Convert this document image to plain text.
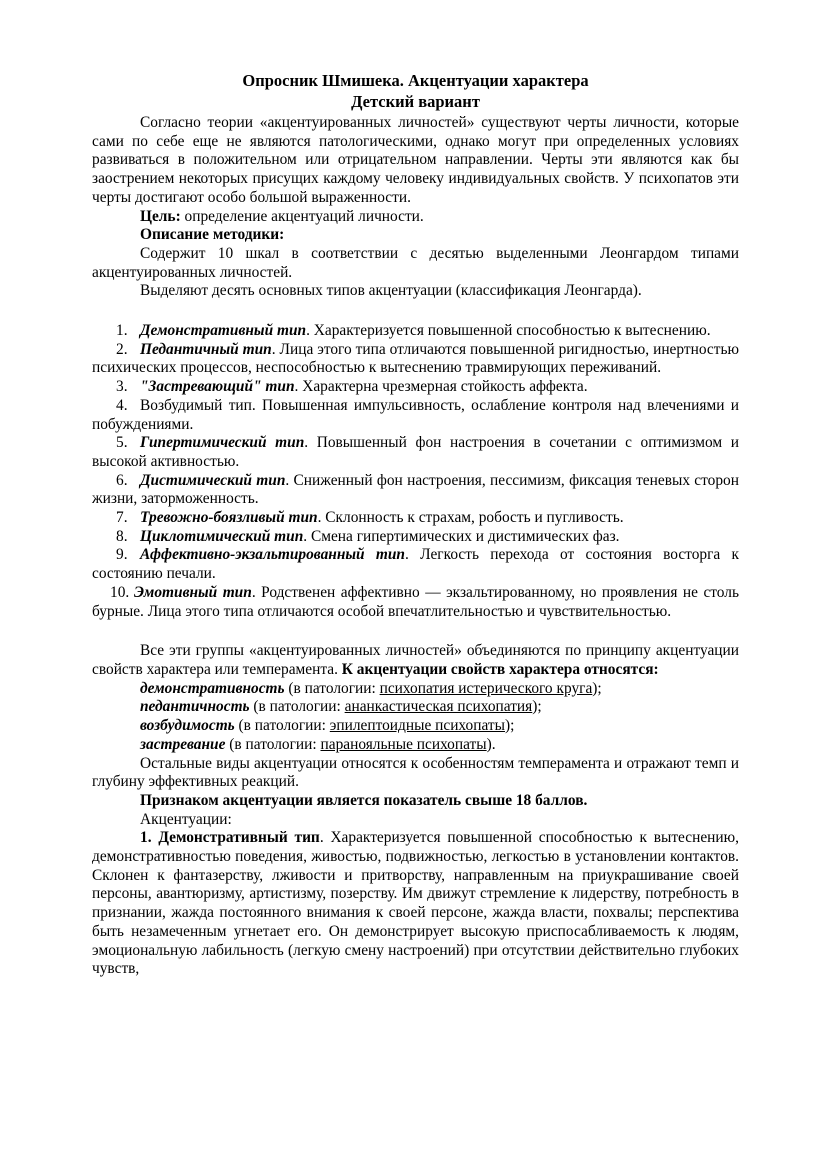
Опросник Шмишека. Акцентуации характера
Детский вариант

Согласно теории «акцентуированных личностей» существуют черты личности, которые сами по себе еще не являются патологическими, однако могут при определенных условиях развиваться в положительном или отрицательном направлении. Черты эти являются как бы заострением некоторых присущих каждому человеку индивидуальных свойств. У психопатов эти черты достигают особо большой выраженности.

Цель: определение акцентуаций личности.

Описание методики:

Содержит 10 шкал в соответствии с десятью выделенными Леонгардом типами акцентуированных личностей.

Выделяют десять основных типов акцентуации (классификация Леонгарда).

1. Демонстративный тип. Характеризуется повышенной способностью к вытеснению.

2. Педантичный тип. Лица этого типа отличаются повышенной ригидностью, инертностью психических процессов, неспособностью к вытеснению травмирующих переживаний.

3. "Застревающий" тип. Характерна чрезмерная стойкость аффекта.

4. Возбудимый тип. Повышенная импульсивность, ослабление контроля над влечениями и побуждениями.

5. Гипертимический тип. Повышенный фон настроения в сочетании с оптимизмом и высокой активностью.

6. Дистимический тип. Сниженный фон настроения, пессимизм, фиксация теневых сторон жизни, заторможенность.

7. Тревожно-боязливый тип. Склонность к страхам, робость и пугливость.

8. Циклотимический тип. Смена гипертимических и дистимических фаз.

9. Аффективно-экзальтированный тип. Легкость перехода от состояния восторга к состоянию печали.

10. Эмотивный тип. Родственен аффективно — экзальтированному, но проявления не столь бурные. Лица этого типа отличаются особой впечатлительностью и чувствительностью.

Все эти группы «акцентуированных личностей» объединяются по принципу акцентуации свойств характера или темперамента. К акцентуации свойств характера относятся:

демонстративность (в патологии: психопатия истерического круга);

педантичность (в патологии: ананкастическая психопатия);

возбудимость (в патологии: эпилептоидные психопаты);

застревание (в патологии: паранояльные психопаты).

Остальные виды акцентуации относятся к особенностям темперамента и отражают темп и глубину эффективных реакций.

Признаком акцентуации является показатель свыше 18 баллов.

Акцентуации:

1. Демонстративный тип. Характеризуется повышенной способностью к вытеснению, демонстративностью поведения, живостью, подвижностью, легкостью в установлении контактов. Склонен к фантазерству, лживости и притворству, направленным на приукрашивание своей персоны, авантюризму, артистизму, позерству. Им движут стремление к лидерству, потребность в признании, жажда постоянного внимания к своей персоне, жажда власти, похвалы; перспектива быть незамеченным угнетает его. Он демонстрирует высокую приспосабливаемость к людям, эмоциональную лабильность (легкую смену настроений) при отсутствии действительно глубоких чувств,
